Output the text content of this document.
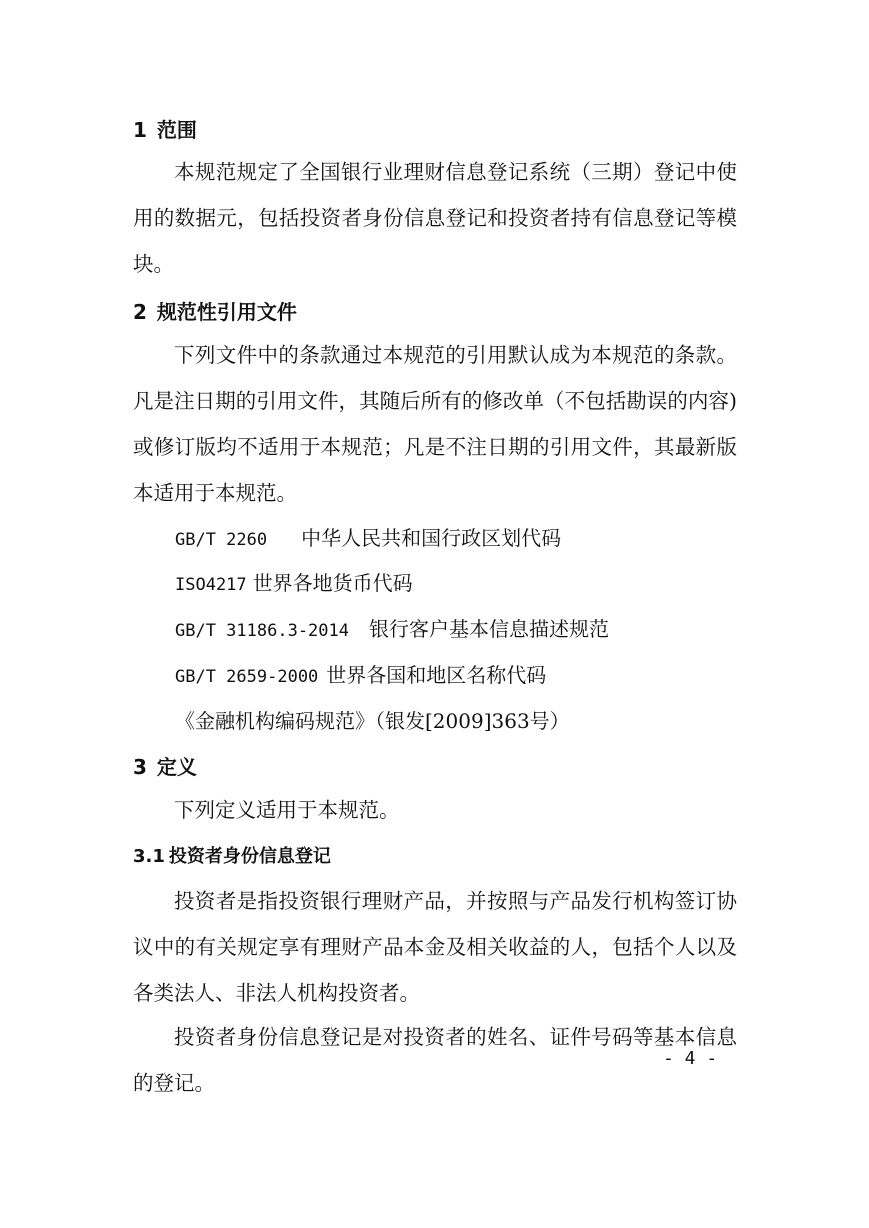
1 范围

本规范规定了全国银行业理财信息登记系统（三期）登记中使用的数据元，包括投资者身份信息登记和投资者持有信息登记等模块。

2 规范性引用文件

下列文件中的条款通过本规范的引用默认成为本规范的条款。凡是注日期的引用文件，其随后所有的修改单（不包括勘误的内容)或修订版均不适用于本规范；凡是不注日期的引用文件，其最新版本适用于本规范。

GB/T 2260 中华人民共和国行政区划代码
ISO4217 世界各地货币代码
GB/T 31186.3-2014 银行客户基本信息描述规范
GB/T 2659-2000 世界各国和地区名称代码
《金融机构编码规范》（银发[2009]363号）
3 定义

下列定义适用于本规范。

3.1 投资者身份信息登记

投资者是指投资银行理财产品，并按照与产品发行机构签订协议中的有关规定享有理财产品本金及相关收益的人，包括个人以及各类法人、非法人机构投资者。

投资者身份信息登记是对投资者的姓名、证件号码等基本信息的登记。

- 4 -
